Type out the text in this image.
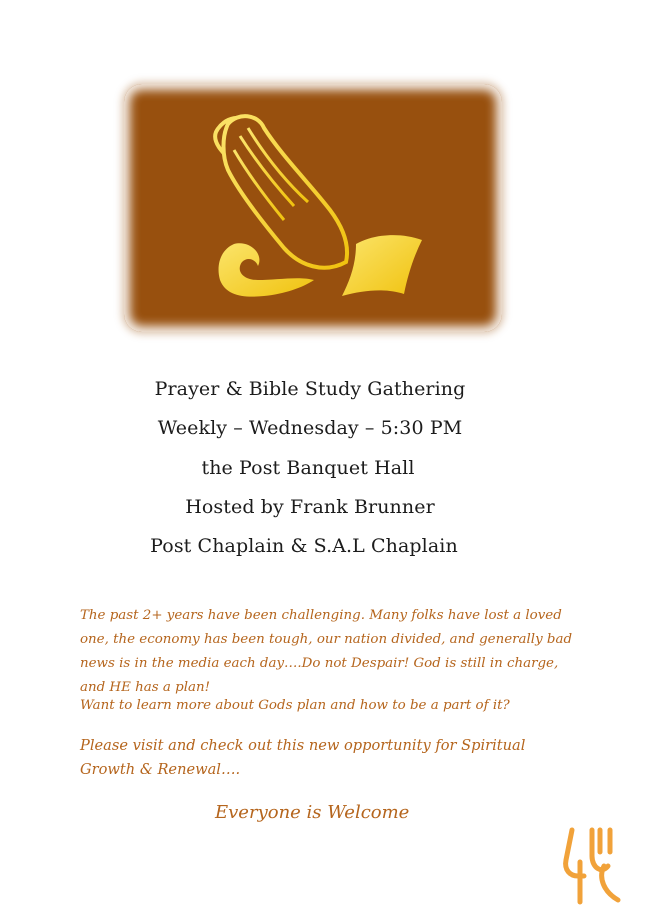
Prayer & Bible Study Gathering
Weekly – Wednesday – 5:30 PM
the Post Banquet Hall
Hosted by Frank Brunner
Post Chaplain & S.A.L Chaplain
The past 2+ years have been challenging. Many folks have lost a loved one, the economy has been tough, our nation divided, and generally bad news is in the media each day….Do not Despair! God is still in charge, and HE has a plan!
Want to learn more about Gods plan and how to be a part of it?
Please visit and check out this new opportunity for Spiritual Growth & Renewal….
Everyone is Welcome
